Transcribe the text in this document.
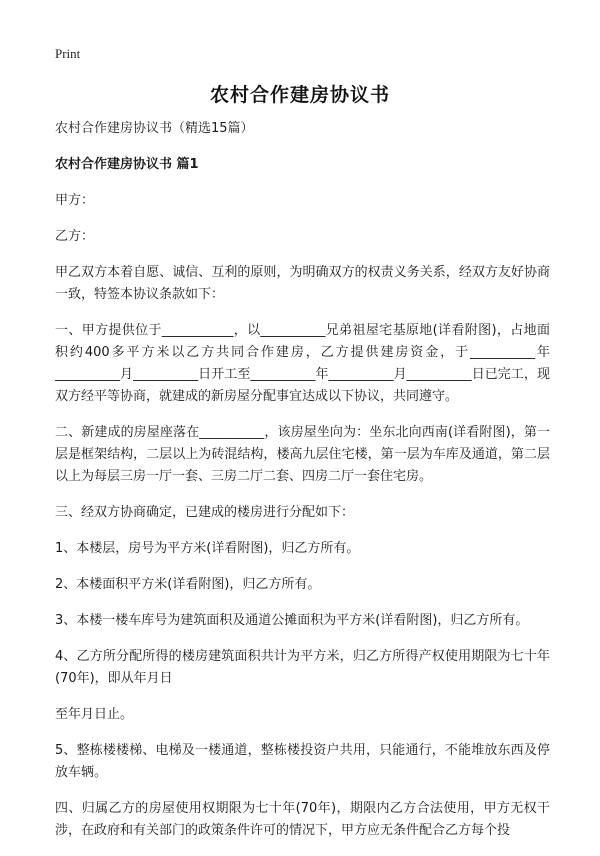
Print
农村合作建房协议书

农村合作建房协议书（精选15篇）

农村合作建房协议书 篇1

甲方：

乙方：

甲乙双方本着自愿、诚信、互利的原则，为明确双方的权责义务关系，经双方友好协商一致，特签本协议条款如下：

一、甲方提供位于___________，以__________兄弟祖屋宅基原地(详看附图)，占地面积约400多平方米以乙方共同合作建房，乙方提供建房资金，于__________年__________月__________日开工至__________年__________月__________日已完工，现双方经平等协商，就建成的新房屋分配事宜达成以下协议，共同遵守。

二、新建成的房屋座落在__________，该房屋坐向为：坐东北向西南(详看附图)，第一层是框架结构，二层以上为砖混结构，楼高九层住宅楼，第一层为车库及通道，第二层以上为每层三房一厅一套、三房二厅二套、四房二厅一套住宅房。

三、经双方协商确定，已建成的楼房进行分配如下：

1、本楼层，房号为平方米(详看附图)，归乙方所有。

2、本楼面积平方米(详看附图)，归乙方所有。

3、本楼一楼车库号为建筑面积及通道公摊面积为平方米(详看附图)，归乙方所有。

4、乙方所分配所得的楼房建筑面积共计为平方米，归乙方所得产权使用期限为七十年(70年)，即从年月日

至年月日止。

5、整栋楼楼梯、电梯及一楼通道，整栋楼投资户共用，只能通行，不能堆放东西及停放车辆。

四、归属乙方的房屋使用权期限为七十年(70年)，期限内乙方合法使用，甲方无权干涉，在政府和有关部门的政策条件许可的情况下，甲方应无条件配合乙方每个投
